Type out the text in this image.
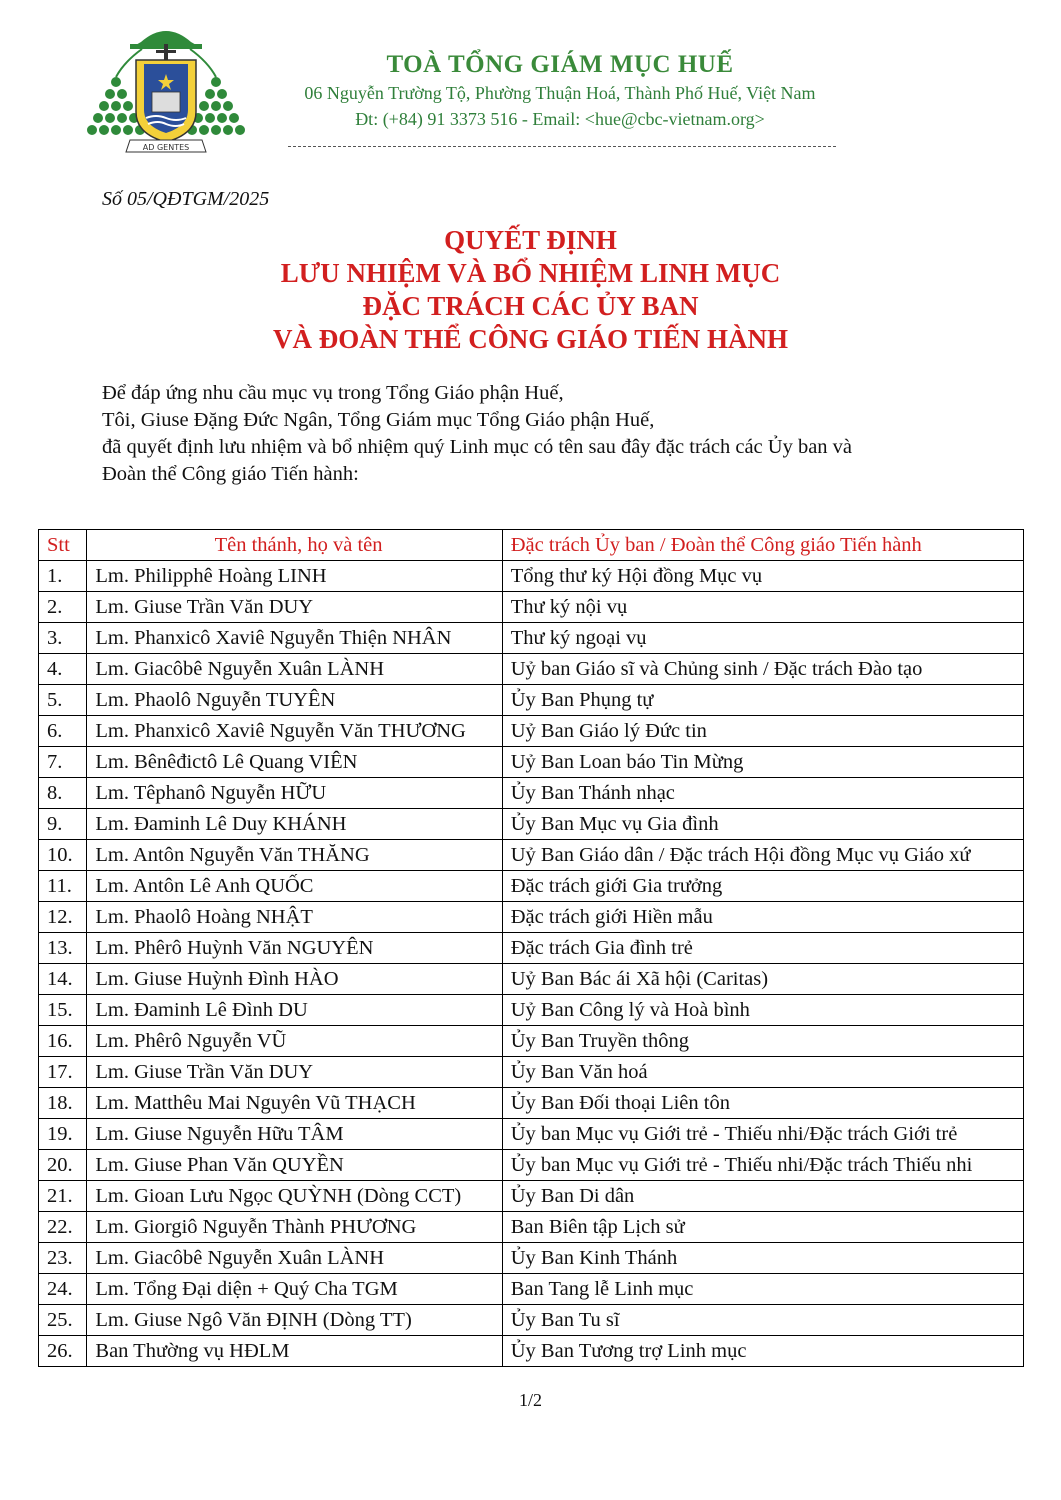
AD GENTES

TOÀ TỔNG GIÁM MỤC HUẾ

06 Nguyễn Trường Tộ, Phường Thuận Hoá, Thành Phố Huế, Việt Nam

Đt: (+84) 91 3373 516 - Email: <hue@cbc-vietnam.org>

Số 05/QĐTGM/2025
QUYẾT ĐỊNH
LƯU NHIỆM VÀ BỔ NHIỆM LINH MỤC
ĐẶC TRÁCH CÁC ỦY BAN
VÀ ĐOÀN THỂ CÔNG GIÁO TIẾN HÀNH

Để đáp ứng nhu cầu mục vụ trong Tổng Giáo phận Huế,

Tôi, Giuse Đặng Đức Ngân, Tổng Giám mục Tổng Giáo phận Huế,

đã quyết định lưu nhiệm và bổ nhiệm quý Linh mục có tên sau đây đặc trách các Ủy ban và

Đoàn thể Công giáo Tiến hành:

Stt	Tên thánh, họ và tên	Đặc trách Ủy ban / Đoàn thể Công giáo Tiến hành
1.	Lm. Philipphê Hoàng LINH	Tổng thư ký Hội đồng Mục vụ
2.	Lm. Giuse Trần Văn DUY	Thư ký nội vụ
3.	Lm. Phanxicô Xaviê Nguyễn Thiện NHÂN	Thư ký ngoại vụ
4.	Lm. Giacôbê Nguyễn Xuân LÀNH	Uỷ ban Giáo sĩ và Chủng sinh / Đặc trách Đào tạo
5.	Lm. Phaolô Nguyễn TUYÊN	Ủy Ban Phụng tự
6.	Lm. Phanxicô Xaviê Nguyễn Văn THƯƠNG	Uỷ Ban Giáo lý Đức tin
7.	Lm. Bênêđictô Lê Quang VIÊN	Uỷ Ban Loan báo Tin Mừng
8.	Lm. Têphanô Nguyễn HỮU	Ủy Ban Thánh nhạc
9.	Lm. Đaminh Lê Duy KHÁNH	Ủy Ban Mục vụ Gia đình
10.	Lm. Antôn Nguyễn Văn THĂNG	Uỷ Ban Giáo dân / Đặc trách Hội đồng Mục vụ Giáo xứ
11.	Lm. Antôn Lê Anh QUỐC	Đặc trách giới Gia trưởng
12.	Lm. Phaolô Hoàng NHẬT	Đặc trách giới Hiền mẫu
13.	Lm. Phêrô Huỳnh Văn NGUYÊN	Đặc trách Gia đình trẻ
14.	Lm. Giuse Huỳnh Đình HÀO	Uỷ Ban Bác ái Xã hội (Caritas)
15.	Lm. Đaminh Lê Đình DU	Uỷ Ban Công lý và Hoà bình
16.	Lm. Phêrô Nguyễn VŨ	Ủy Ban Truyền thông
17.	Lm. Giuse Trần Văn DUY	Ủy Ban Văn hoá
18.	Lm. Matthêu Mai Nguyên Vũ THẠCH	Ủy Ban Đối thoại Liên tôn
19.	Lm. Giuse Nguyễn Hữu TÂM	Ủy ban Mục vụ Giới trẻ - Thiếu nhi/Đặc trách Giới trẻ
20.	Lm. Giuse Phan Văn QUYỀN	Ủy ban Mục vụ Giới trẻ - Thiếu nhi/Đặc trách Thiếu nhi
21.	Lm. Gioan Lưu Ngọc QUỲNH (Dòng CCT)	Ủy Ban Di dân
22.	Lm. Giorgiô Nguyễn Thành PHƯƠNG	Ban Biên tập Lịch sử
23.	Lm. Giacôbê Nguyễn Xuân LÀNH	Ủy Ban Kinh Thánh
24.	Lm. Tổng Đại diện + Quý Cha TGM	Ban Tang lễ Linh mục
25.	Lm. Giuse Ngô Văn ĐỊNH (Dòng TT)	Ủy Ban Tu sĩ
26.	Ban Thường vụ HĐLM	Ủy Ban Tương trợ Linh mục
1/2
